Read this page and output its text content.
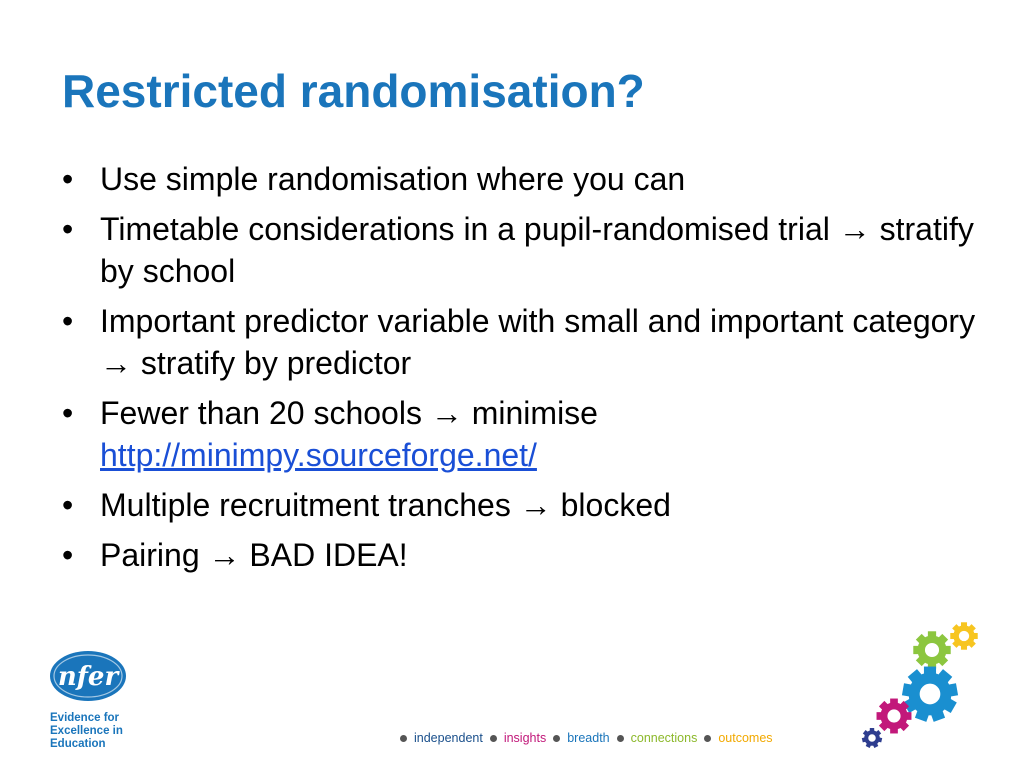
Restricted randomisation?
• Use simple randomisation where you can
• Timetable considerations in a pupil-randomised trial → stratify by school
• Important predictor variable with small and important category → stratify by predictor
• Fewer than 20 schools → minimise
http://minimpy.sourceforge.net/
• Multiple recruitment tranches → blocked
• Pairing → BAD IDEA!
nfer
Evidence for
Excellence in
Education	independent insights breadth connections outcomes
